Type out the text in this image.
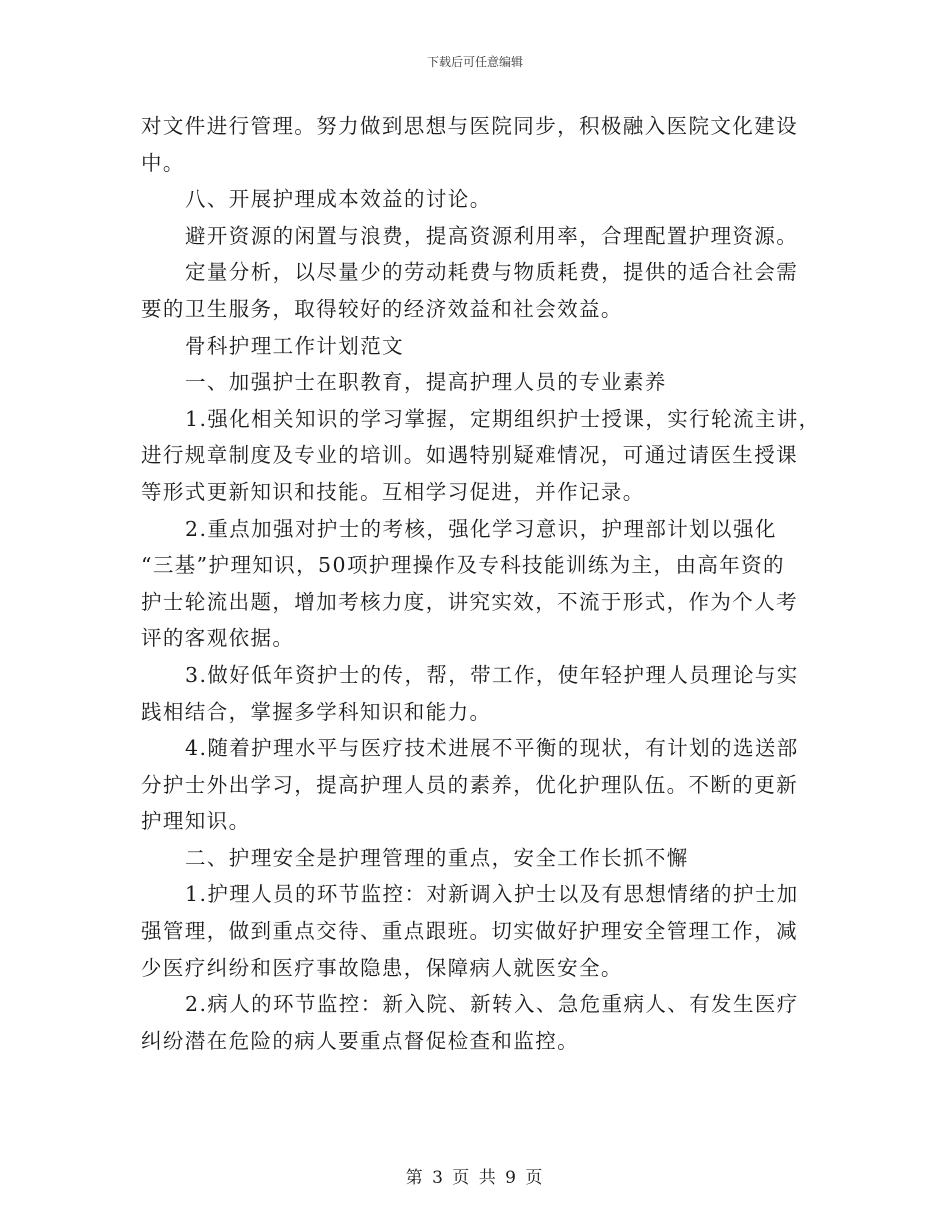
下载后可任意编辑
对文件进行管理。努力做到思想与医院同步，积极融入医院文化建设
中。
八、开展护理成本效益的讨论。
避开资源的闲置与浪费，提高资源利用率，合理配置护理资源。
定量分析，以尽量少的劳动耗费与物质耗费，提供的适合社会需
要的卫生服务，取得较好的经济效益和社会效益。
骨科护理工作计划范文
一、加强护士在职教育，提高护理人员的专业素养
1.强化相关知识的学习掌握，定期组织护士授课，实行轮流主讲，
进行规章制度及专业的培训。如遇特别疑难情况，可通过请医生授课
等形式更新知识和技能。互相学习促进，并作记录。
2.重点加强对护士的考核，强化学习意识，护理部计划以强化
“三基”护理知识，50项护理操作及专科技能训练为主，由高年资的
护士轮流出题，增加考核力度，讲究实效，不流于形式，作为个人考
评的客观依据。
3.做好低年资护士的传，帮，带工作，使年轻护理人员理论与实
践相结合，掌握多学科知识和能力。
4.随着护理水平与医疗技术进展不平衡的现状，有计划的选送部
分护士外出学习，提高护理人员的素养，优化护理队伍。不断的更新
护理知识。
二、护理安全是护理管理的重点，安全工作长抓不懈
1.护理人员的环节监控：对新调入护士以及有思想情绪的护士加
强管理，做到重点交待、重点跟班。切实做好护理安全管理工作，减
少医疗纠纷和医疗事故隐患，保障病人就医安全。
2.病人的环节监控：新入院、新转入、急危重病人、有发生医疗
纠纷潜在危险的病人要重点督促检查和监控。
第 3 页 共 9 页
